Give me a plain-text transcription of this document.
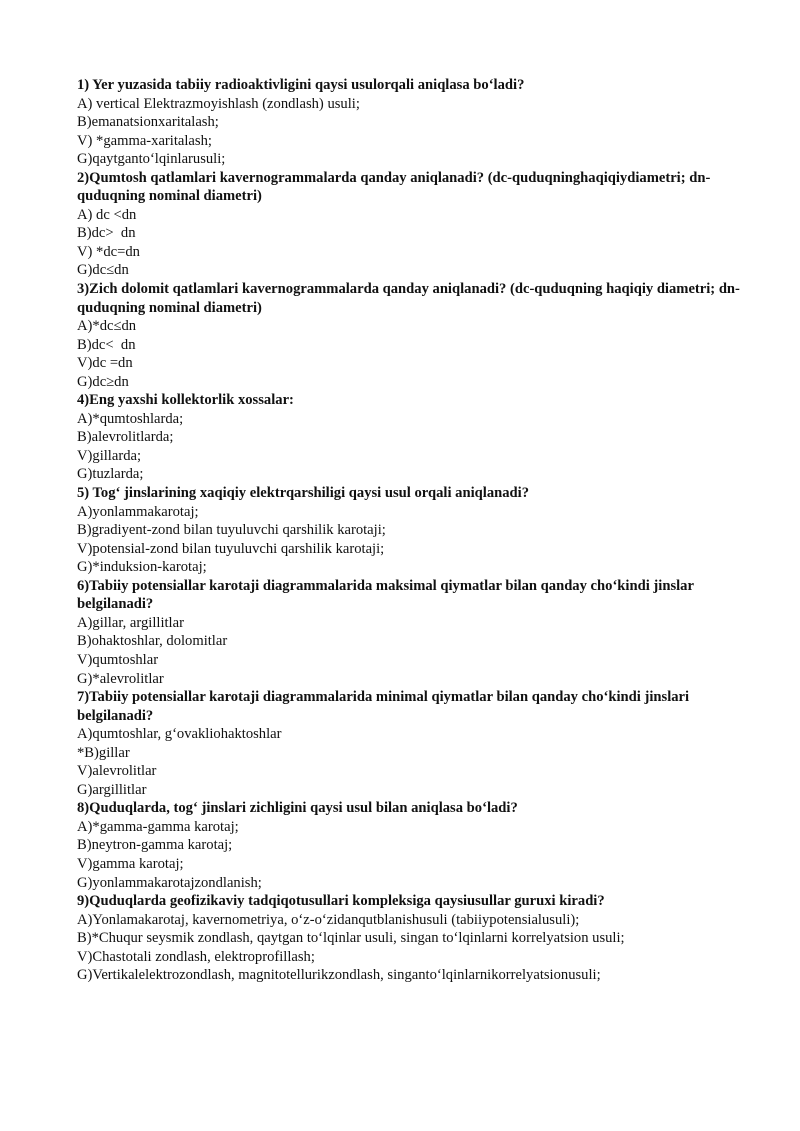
1) Yer yuzasida tabiiy radioaktivligini qaysi usulorqali aniqlasa bo‘ladi?

A) vertical Elektrazmoyishlash (zondlash) usuli;

B)emanatsionxaritalash;

V) *gamma-xaritalash;

G)qaytganto‘lqinlarusuli;

2)Qumtosh qatlamlari kavernogrammalarda qanday aniqlanadi? (dc-quduqninghaqiqiydiametri; dn-quduqning nominal diametri)

A) dc <dn

B)dc>  dn

V) *dc=dn

G)dc≤dn

3)Zich dolomit qatlamlari kavernogrammalarda qanday aniqlanadi? (dc-quduqning haqiqiy diametri; dn-quduqning nominal diametri)

A)*dc≤dn

B)dc<  dn

V)dc =dn

G)dc≥dn

4)Eng yaxshi kollektorlik xossalar:

A)*qumtoshlarda;

B)alevrolitlarda;

V)gillarda;

G)tuzlarda;

5) Tog‘ jinslarining xaqiqiy elektrqarshiligi qaysi usul orqali aniqlanadi?

A)yonlammakarotaj;

B)gradiyent-zond bilan tuyuluvchi qarshilik karotaji;

V)potensial-zond bilan tuyuluvchi qarshilik karotaji;

G)*induksion-karotaj;

6)Tabiiy potensiallar karotaji diagrammalarida maksimal qiymatlar bilan qanday cho‘kindi jinslar belgilanadi?

A)gillar, argillitlar

B)ohaktoshlar, dolomitlar

V)qumtoshlar

G)*alevrolitlar

7)Tabiiy potensiallar karotaji diagrammalarida minimal qiymatlar bilan qanday cho‘kindi jinslari belgilanadi?

A)qumtoshlar, g‘ovakliohaktoshlar

*B)gillar

V)alevrolitlar

G)argillitlar

8)Quduqlarda, tog‘ jinslari zichligini qaysi usul bilan aniqlasa bo‘ladi?

A)*gamma-gamma karotaj;

B)neytron-gamma karotaj;

V)gamma karotaj;

G)yonlammakarotajzondlanish;

9)Quduqlarda geofizikaviy tadqiqotusullari kompleksiga qaysiusullar guruxi kiradi?

A)Yonlamakarotaj, kavernometriya, o‘z-o‘zidanqutblanishusuli (tabiiypotensialusuli);

B)*Chuqur seysmik zondlash, qaytgan to‘lqinlar usuli, singan to‘lqinlarni korrelyatsion usuli;

V)Chastotali zondlash, elektroprofillash;

G)Vertikalelektrozondlash, magnitotellurikzondlash, singanto‘lqinlarnikorrelyatsionusuli;
